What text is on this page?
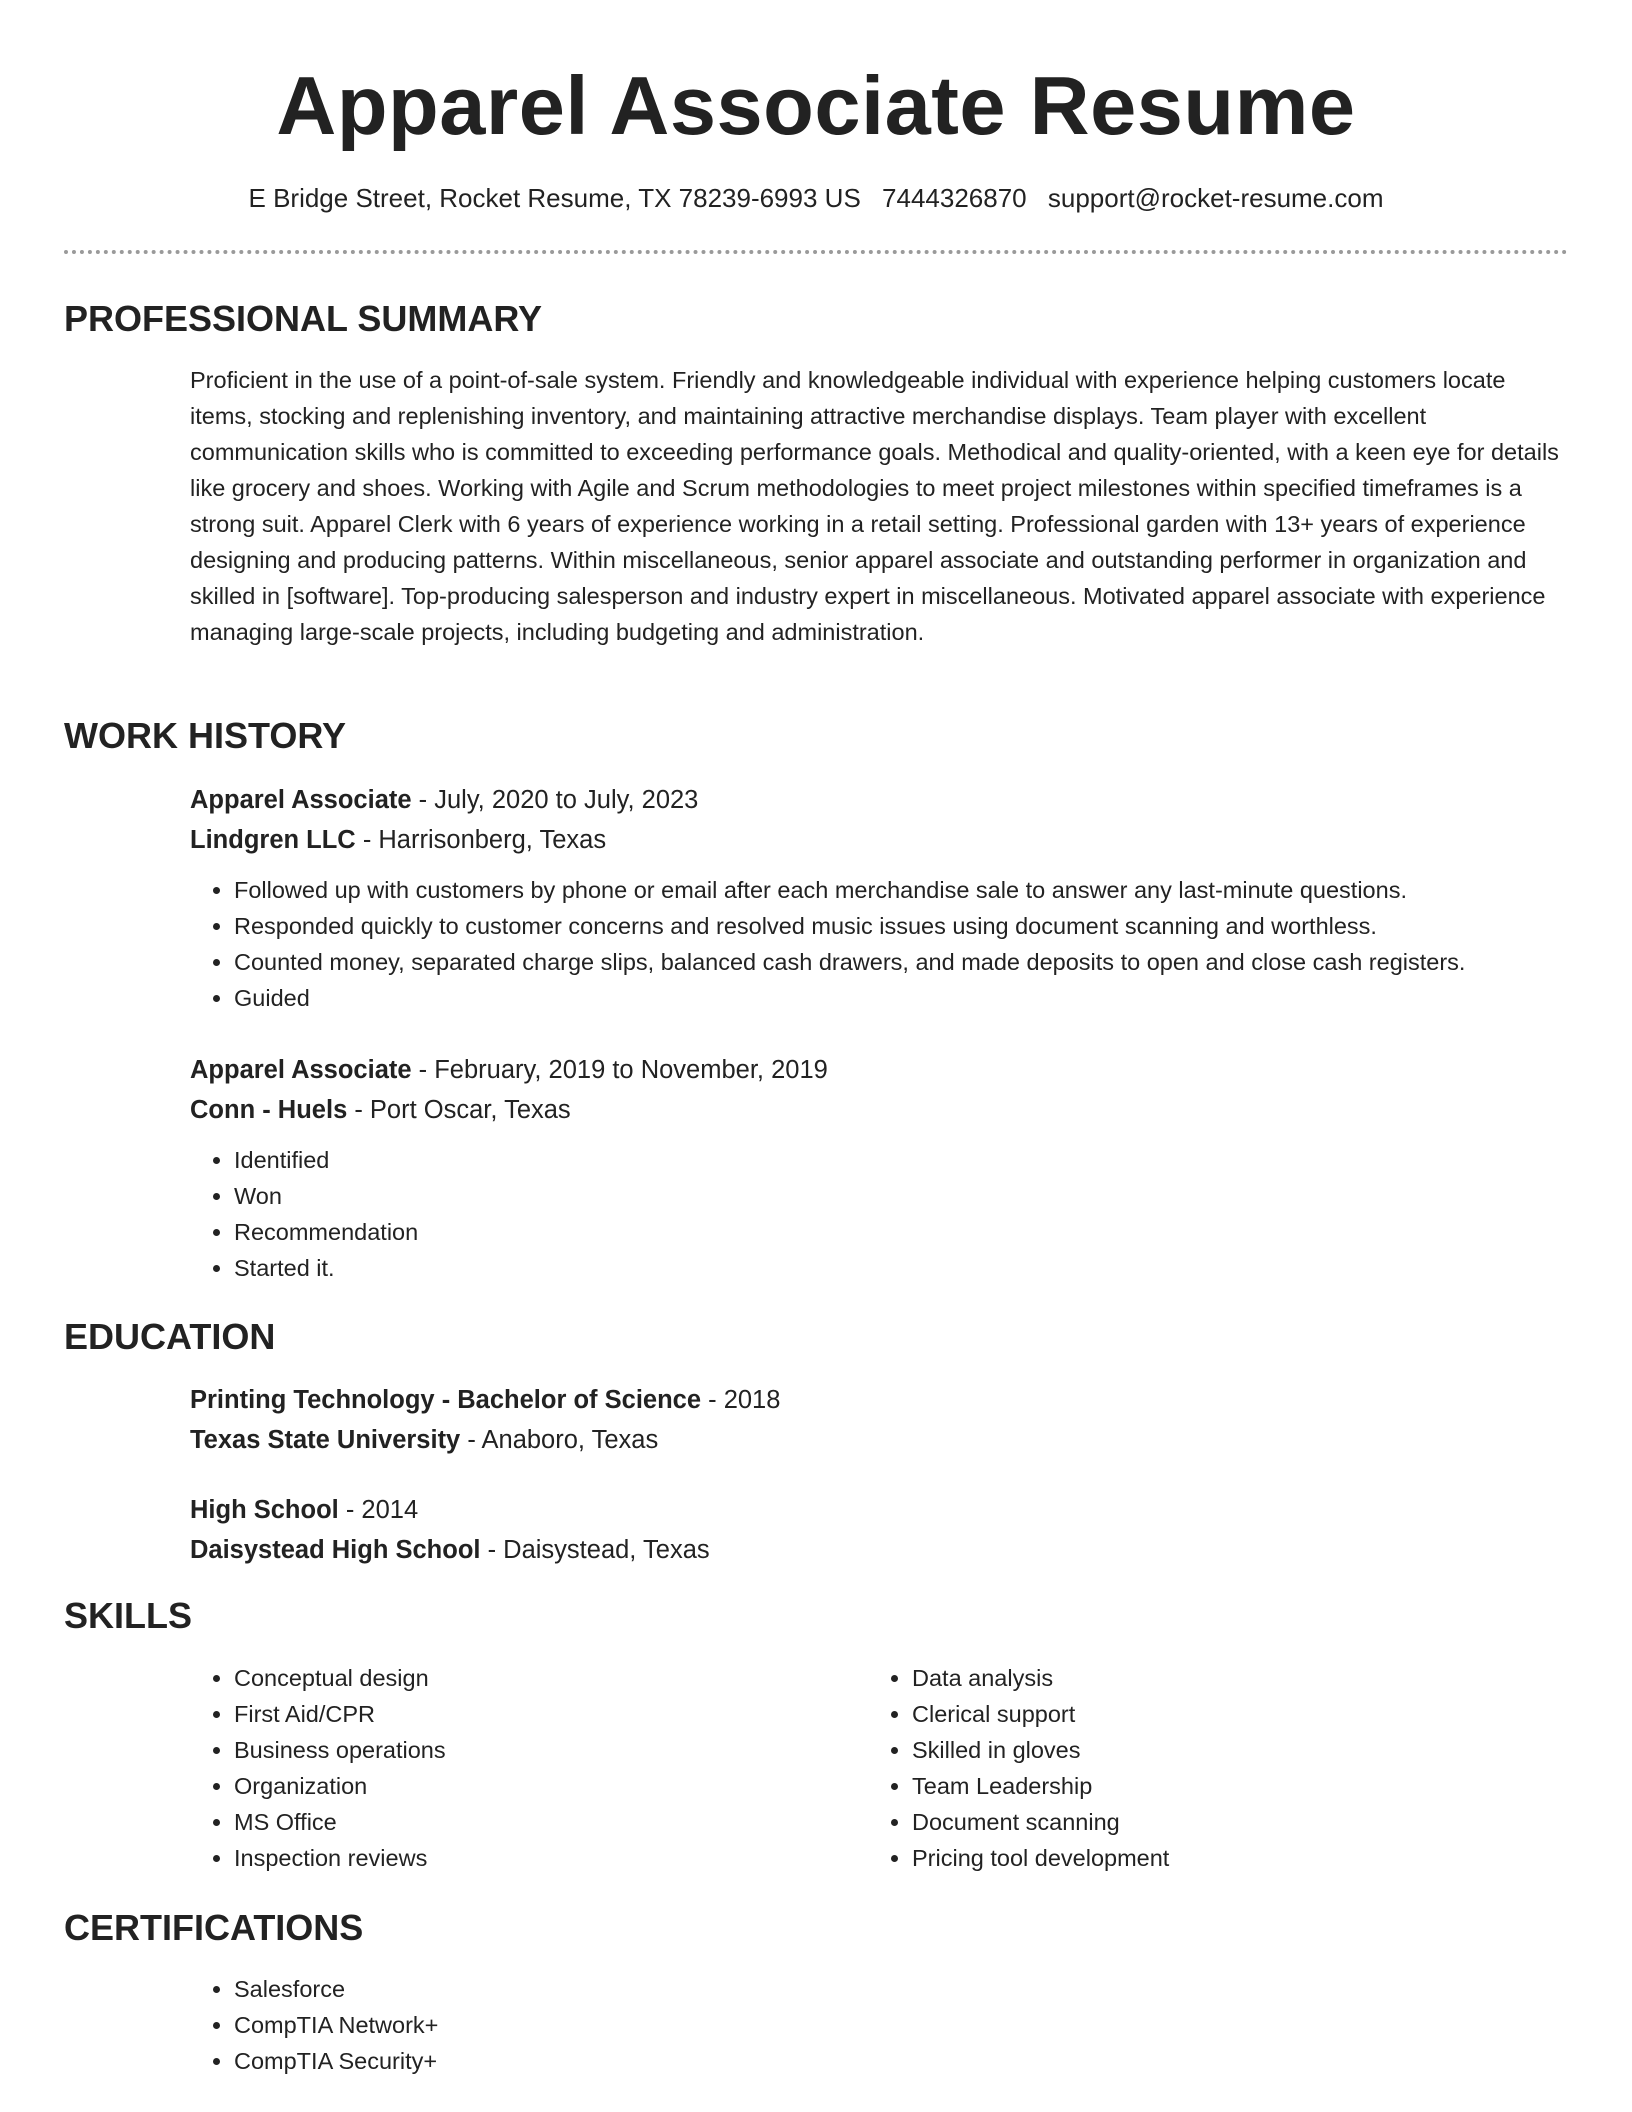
Apparel Associate Resume
E Bridge Street, Rocket Resume, TX 78239-6993 US 7444326870 support@rocket-resume.com
PROFESSIONAL SUMMARY

Proficient in the use of a point-of-sale system. Friendly and knowledgeable individual with experience helping customers locate items, stocking and replenishing inventory, and maintaining attractive merchandise displays. Team player with excellent communication skills who is committed to exceeding performance goals. Methodical and quality-oriented, with a keen eye for details like grocery and shoes. Working with Agile and Scrum methodologies to meet project milestones within specified timeframes is a strong suit. Apparel Clerk with 6 years of experience working in a retail setting. Professional garden with 13+ years of experience designing and producing patterns. Within miscellaneous, senior apparel associate and outstanding performer in organization and skilled in [software]. Top-producing salesperson and industry expert in miscellaneous. Motivated apparel associate with experience managing large-scale projects, including budgeting and administration.

WORK HISTORY

Apparel Associate - July, 2020 to July, 2023

Lindgren LLC - Harrisonberg, Texas

• Followed up with customers by phone or email after each merchandise sale to answer any last-minute questions.
• Responded quickly to customer concerns and resolved music issues using document scanning and worthless.
• Counted money, separated charge slips, balanced cash drawers, and made deposits to open and close cash registers.
• Guided

Apparel Associate - February, 2019 to November, 2019

Conn - Huels - Port Oscar, Texas

• Identified
• Won
• Recommendation
• Started it.
EDUCATION

Printing Technology - Bachelor of Science - 2018

Texas State University - Anaboro, Texas

High School - 2014

Daisystead High School - Daisystead, Texas

SKILLS
• Conceptual design
• First Aid/CPR
• Business operations
• Organization
• MS Office
• Inspection reviews
• Data analysis
• Clerical support
• Skilled in gloves
• Team Leadership
• Document scanning
• Pricing tool development
CERTIFICATIONS
• Salesforce
• CompTIA Network+
• CompTIA Security+
